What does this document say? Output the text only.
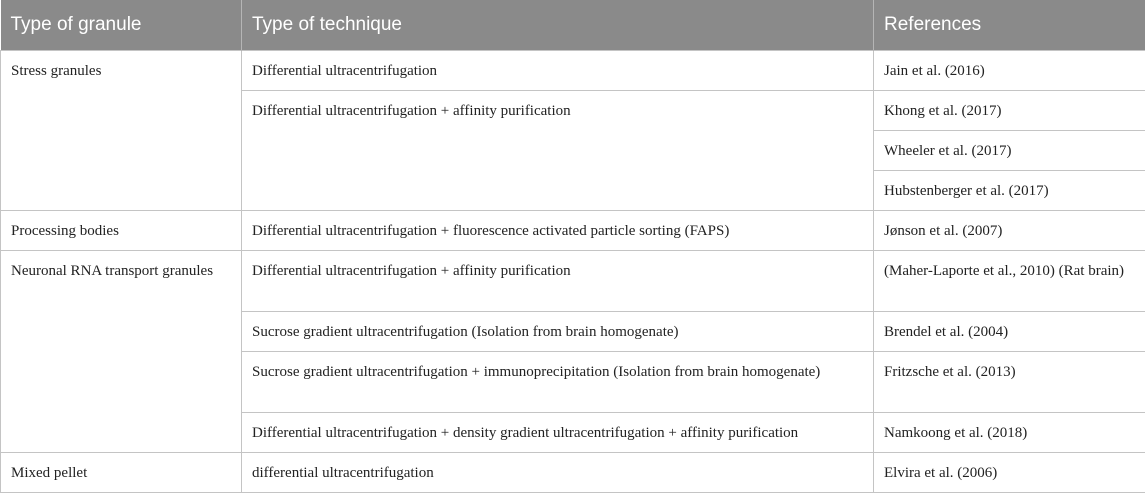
Type of granule	Type of technique	References
Stress granules	Differential ultracentrifugation	Jain et al. (2016)
	Differential ultracentrifugation + affinity purification	Khong et al. (2017)
		Wheeler et al. (2017)
		Hubstenberger et al. (2017)
Processing bodies	Differential ultracentrifugation + fluorescence activated particle sorting (FAPS)	Jønson et al. (2007)
Neuronal RNA transport granules	Differential ultracentrifugation + affinity purification	(Maher-Laporte et al., 2010) (Rat brain)
	Sucrose gradient ultracentrifugation (Isolation from brain homogenate)	Brendel et al. (2004)
	Sucrose gradient ultracentrifugation + immunoprecipitation (Isolation from brain homogenate)	Fritzsche et al. (2013)
	Differential ultracentrifugation + density gradient ultracentrifugation + affinity purification	Namkoong et al. (2018)
Mixed pellet	differential ultracentrifugation	Elvira et al. (2006)
